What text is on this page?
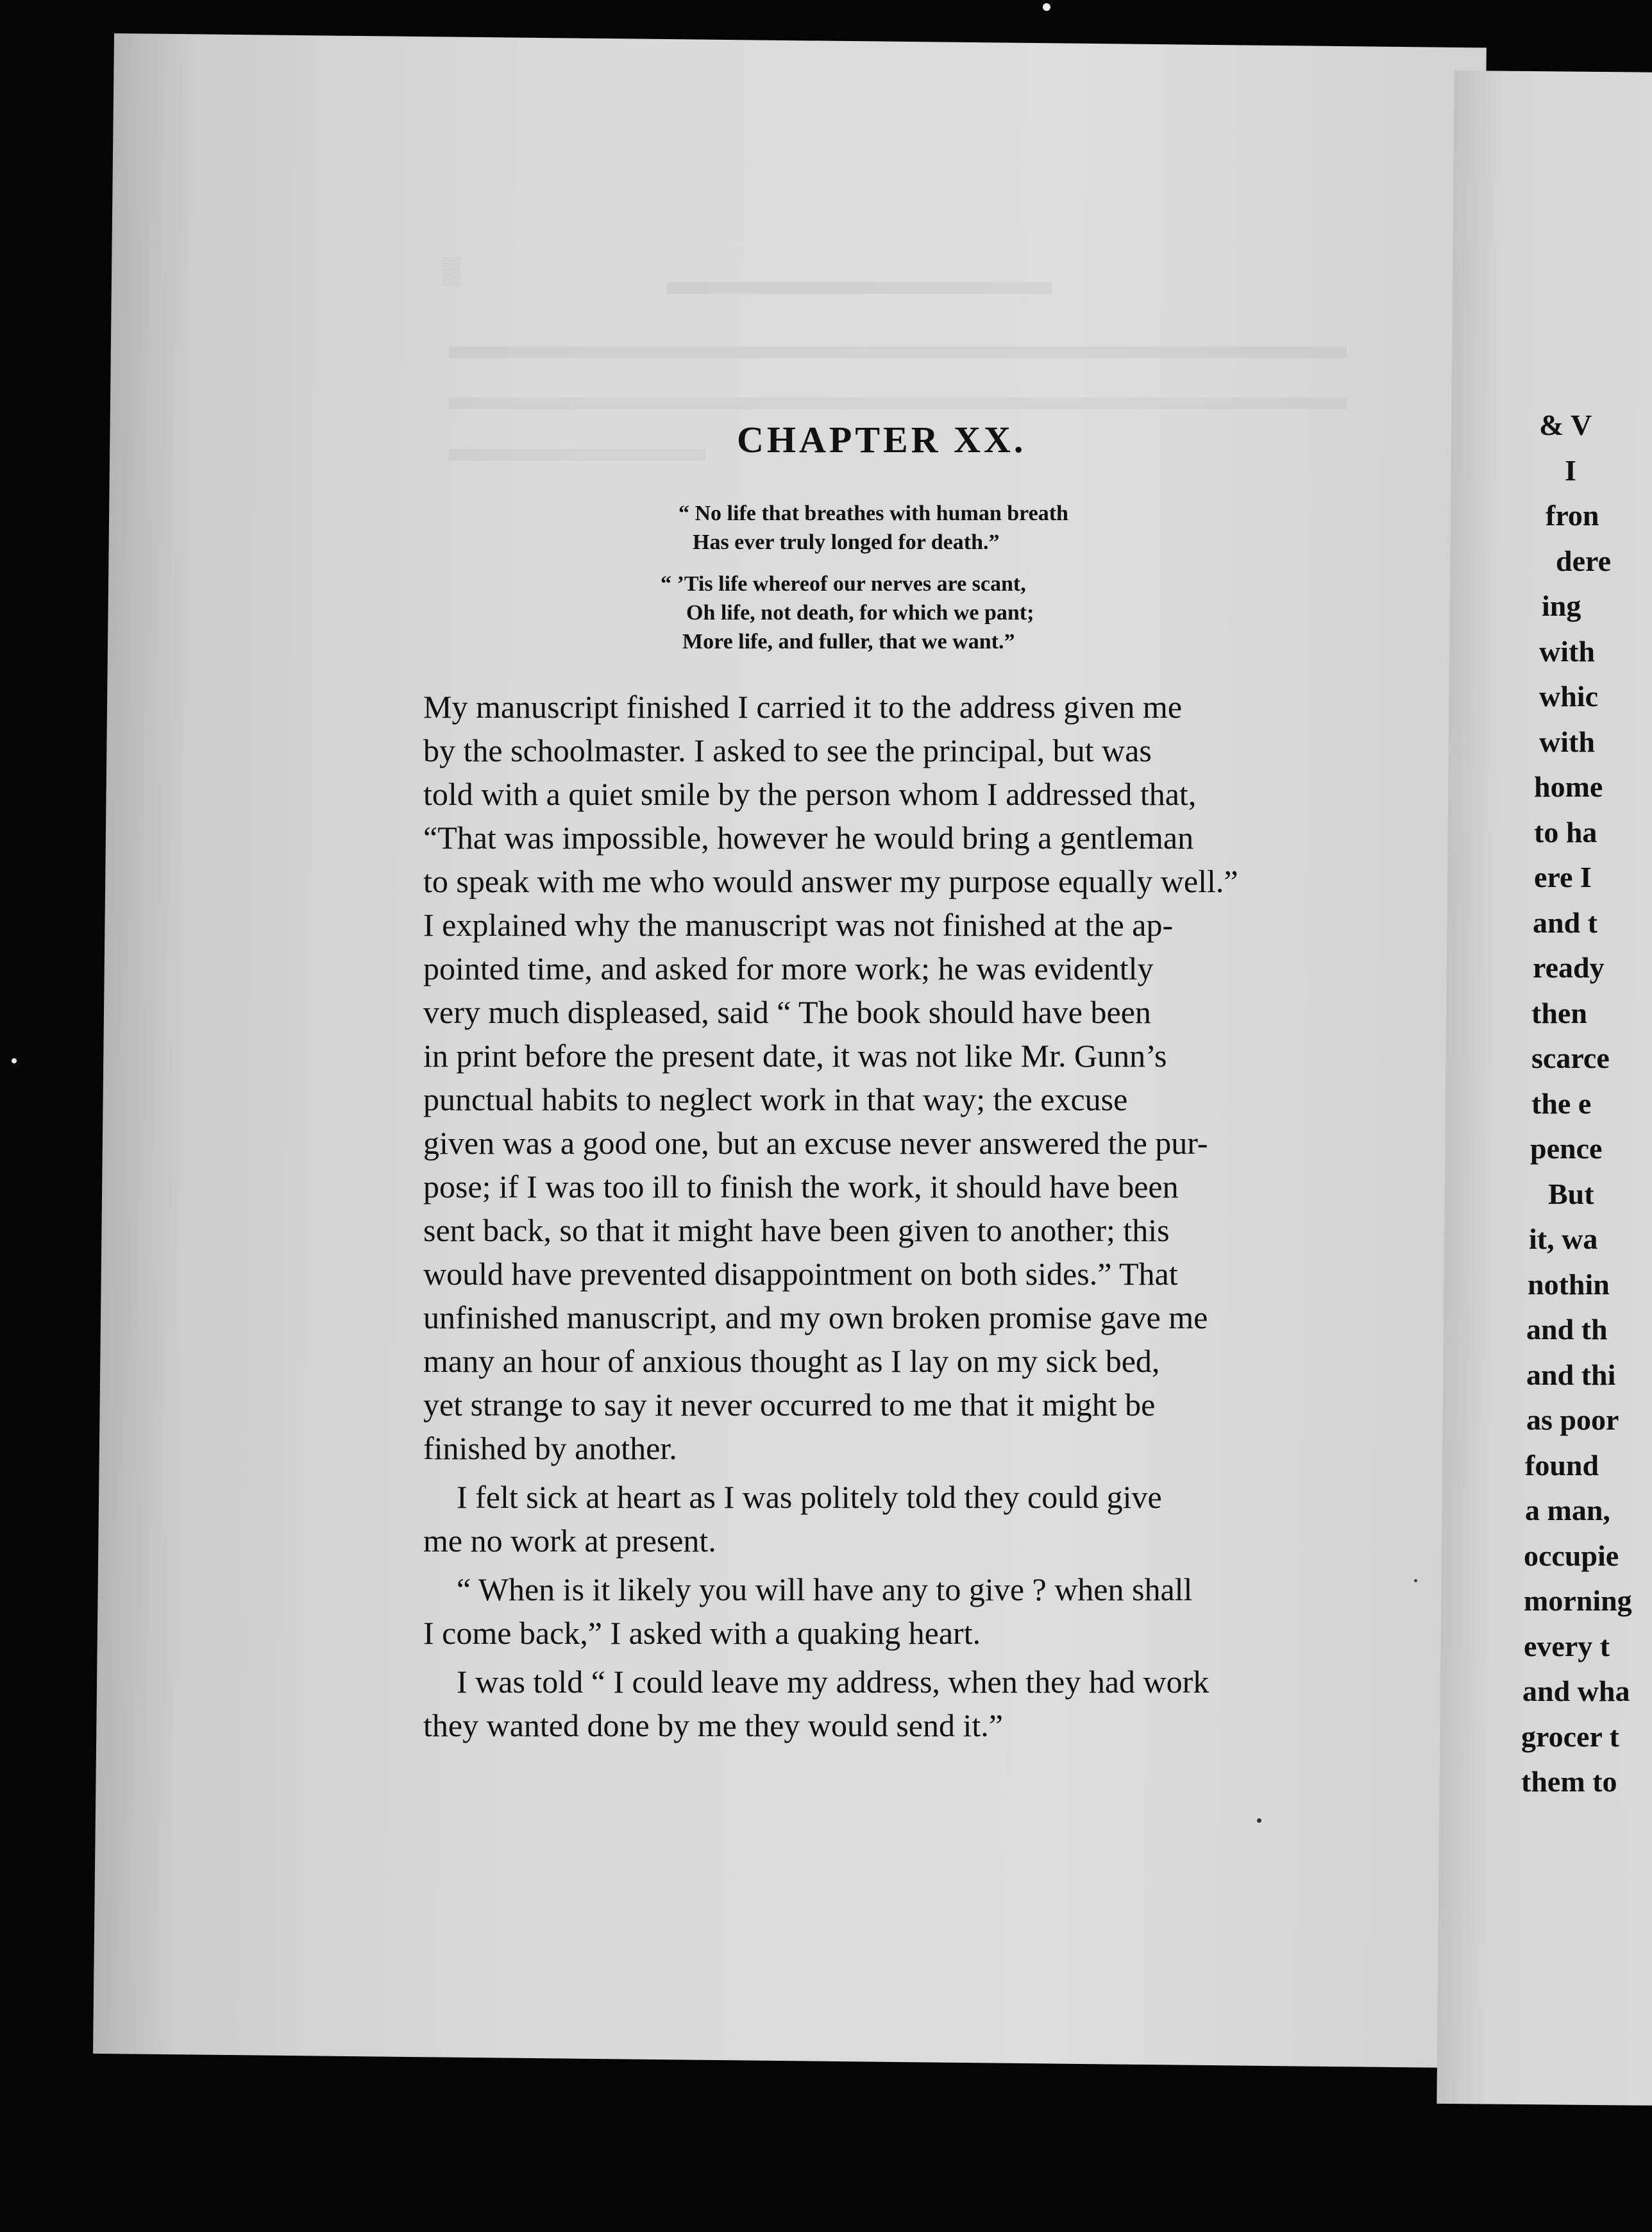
▒
CHAPTER XX.
“ No life that breathes with human breath
Has ever truly longed for death.”
“ ’Tis life whereof our nerves are scant,
Oh life, not death, for which we pant;
More life, and fuller, that we want.”

My manuscript finished I carried it to the address given me
by the schoolmaster. I asked to see the principal, but was
told with a quiet smile by the person whom I addressed that,
“That was impossible, however he would bring a gentleman
to speak with me who would answer my purpose equally well.”
I explained why the manuscript was not finished at the ap-
pointed time, and asked for more work; he was evidently
very much displeased, said “ The book should have been
in print before the present date, it was not like Mr. Gunn’s
punctual habits to neglect work in that way; the excuse
given was a good one, but an excuse never answered the pur-
pose; if I was too ill to finish the work, it should have been
sent back, so that it might have been given to another; this
would have prevented disappointment on both sides.” That
unfinished manuscript, and my own broken promise gave me
many an hour of anxious thought as I lay on my sick bed,
yet strange to say it never occurred to me that it might be
finished by another.

I felt sick at heart as I was politely told they could give
me no work at present.

“ When is it likely you will have any to give ? when shall
I come back,” I asked with a quaking heart.

I was told “ I could leave my address, when they had work
they wanted done by me they would send it.”

& V
I
fron
dere
ing
with
whic
with
home
to ha
ere I
and t
ready
then
scarce
the e
pence
But
it, wa
nothin
and th
and thi
as poor
found
a man,
occupie
morning
every t
and wha
grocer t
them to
